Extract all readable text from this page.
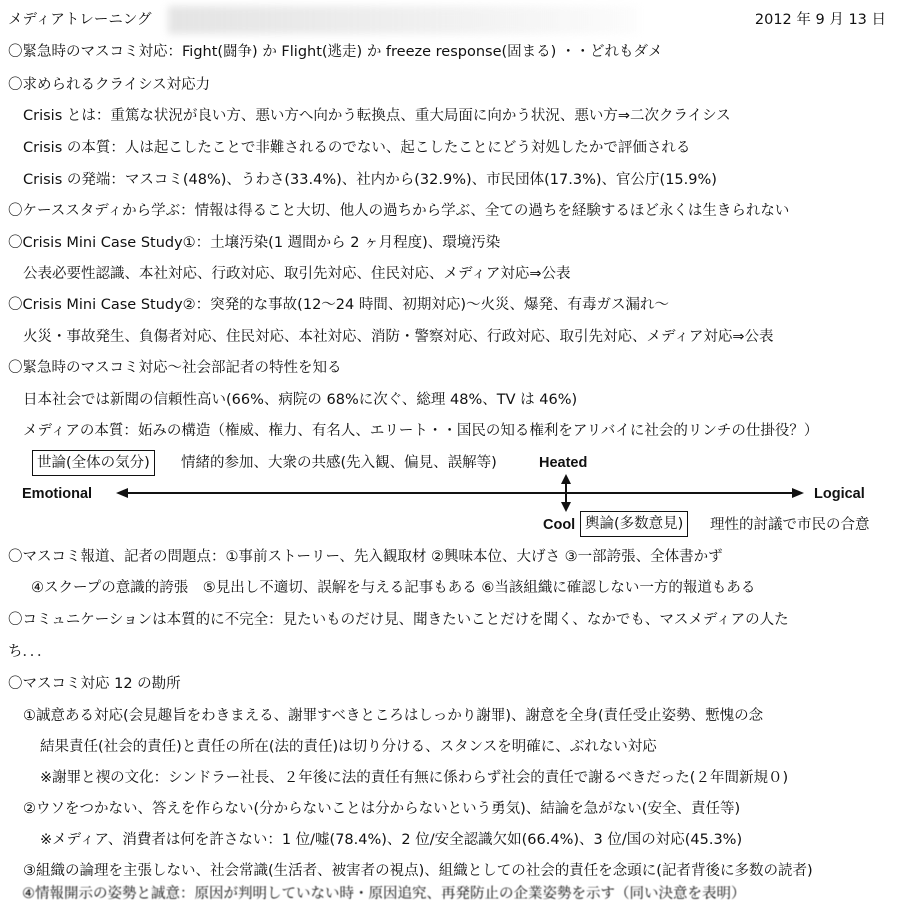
メディアトレーニング	2012 年 9 月 13 日
〇緊急時のマスコミ対応：Fight(闘争) か Flight(逃走) か freeze response(固まる) ・・どれもダメ
〇求められるクライシス対応力
Crisis とは：重篤な状況が良い方、悪い方へ向かう転換点、重大局面に向かう状況、悪い方⇒二次クライシス
Crisis の本質：人は起こしたことで非難されるのでない、起こしたことにどう対処したかで評価される
Crisis の発端：マスコミ(48%)、うわさ(33.4%)、社内から(32.9%)、市民団体(17.3%)、官公庁(15.9%)
〇ケーススタディから学ぶ：情報は得ること大切、他人の過ちから学ぶ、全ての過ちを経験するほど永くは生きられない
〇Crisis Mini Case Study①：土壌汚染(1 週間から 2 ヶ月程度)、環境汚染
公表必要性認識、本社対応、行政対応、取引先対応、住民対応、メディア対応⇒公表
〇Crisis Mini Case Study②：突発的な事故(12～24 時間、初期対応)～火災、爆発、有毒ガス漏れ～
火災・事故発生、負傷者対応、住民対応、本社対応、消防・警察対応、行政対応、取引先対応、メディア対応⇒公表
〇緊急時のマスコミ対応～社会部記者の特性を知る
日本社会では新聞の信頼性高い(66%、病院の 68%に次ぐ、総理 48%、TV は 46%)
メディアの本質：妬みの構造（権威、権力、有名人、エリート・・国民の知る権利をアリバイに社会的リンチの仕掛役？）
世論(全体の気分)	情緒的参加、大衆の共感(先入観、偏見、誤解等)	Heated
Emotional	Logical
Cool 輿論(多数意見)	理性的討議で市民の合意
〇マスコミ報道、記者の問題点：①事前ストーリー、先入観取材 ②興味本位、大げさ ③一部誇張、全体書かず
④スクープの意識的誇張　⑤見出し不適切、誤解を与える記事もある ⑥当該組織に確認しない一方的報道もある
〇コミュニケーションは本質的に不完全：見たいものだけ見、聞きたいことだけを聞く、なかでも、マスメディアの人た
ち．．．
〇マスコミ対応 12 の勘所
①誠意ある対応(会見趣旨をわきまえる、謝罪すべきところはしっかり謝罪)、謝意を全身(責任受止姿勢、慙愧の念
結果責任(社会的責任)と責任の所在(法的責任)は切り分ける、スタンスを明確に、ぶれない対応
※謝罪と禊の文化：シンドラー社長、２年後に法的責任有無に係わらず社会的責任で謝るべきだった(２年間新規０)
②ウソをつかない、答えを作らない(分からないことは分からないという勇気)、結論を急がない(安全、責任等)
※メディア、消費者は何を許さない：1 位/嘘(78.4%)、2 位/安全認識欠如(66.4%)、3 位/国の対応(45.3%)
③組織の論理を主張しない、社会常識(生活者、被害者の視点)、組織としての社会的責任を念頭に(記者背後に多数の読者)
④情報開示の姿勢と誠意：原因が判明していない時・原因追究、再発防止の企業姿勢を示す（同い決意を表明）
